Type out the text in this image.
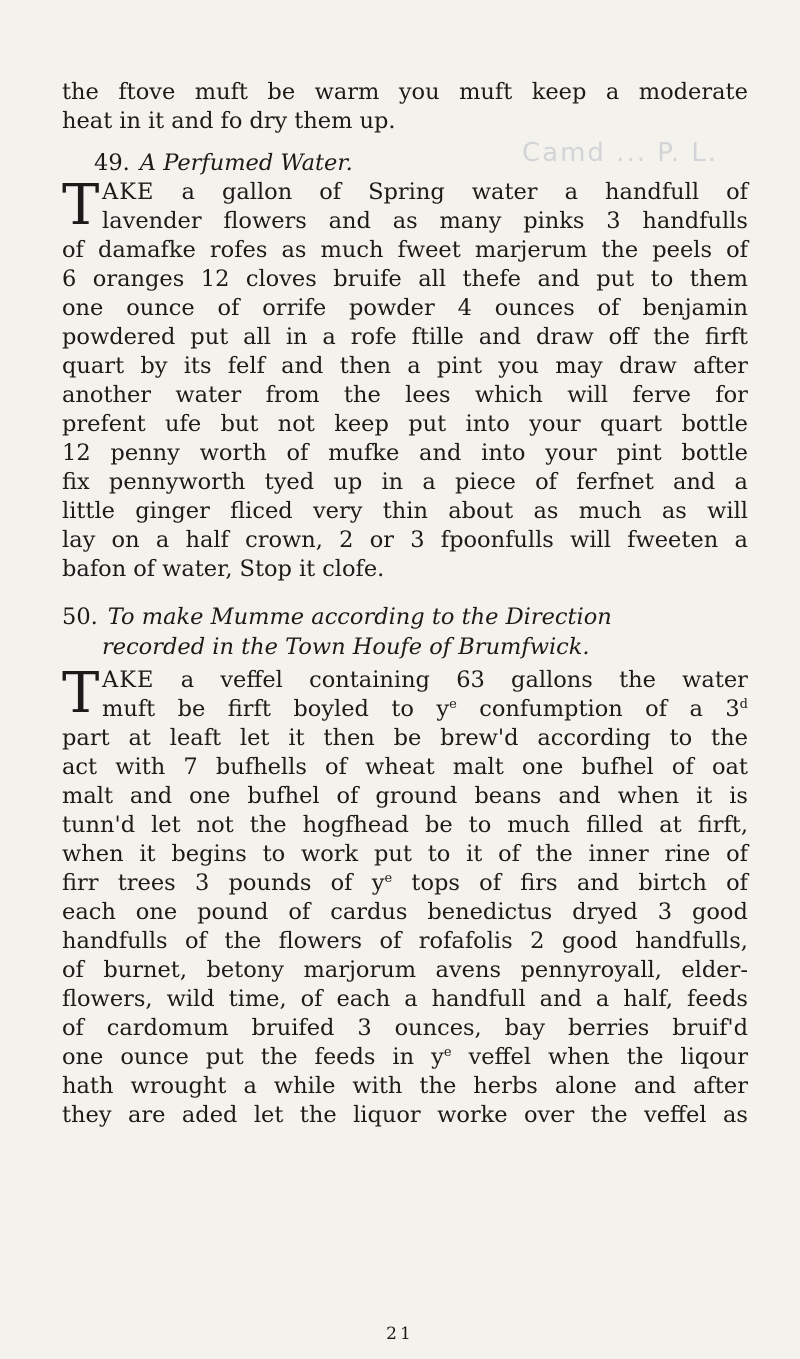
Camd ... P. L.
the ftove muft be warm you muft keep a moderate
heat in it and fo dry them up.
49. A Perfumed Water.
T AKE a gallon of Spring water a handfull of
lavender flowers and as many pinks 3 handfulls
of damafke rofes as much fweet marjerum the peels of
6 oranges 12 cloves bruife all thefe and put to them
one ounce of orrife powder 4 ounces of benjamin
powdered put all in a rofe ftille and draw off the firft
quart by its felf and then a pint you may draw after
another water from the lees which will ferve for
prefent ufe but not keep put into your quart bottle
12 penny worth of mufke and into your pint bottle
fix pennyworth tyed up in a piece of ferfnet and a
little ginger fliced very thin about as much as will
lay on a half crown, 2 or 3 fpoonfulls will fweeten a
bafon of water, Stop it clofe.
50. To make Mumme according to the Direction
recorded in the Town Houfe of Brumfwick.
T AKE a veffel containing 63 gallons the water
muft be firft boyled to $y^e$ confumption of a 3$^d$
part at leaft let it then be brew'd according to the
act with 7 bufhells of wheat malt one bufhel of oat
malt and one bufhel of ground beans and when it is
tunn'd let not the hogfhead be to much filled at firft,
when it begins to work put to it of the inner rine of
firr trees 3 pounds of $y^e$ tops of firs and birtch of
each one pound of cardus benedictus dryed 3 good
handfulls of the flowers of rofafolis 2 good handfulls,
of burnet, betony marjorum avens pennyroyall, elder-
flowers, wild time, of each a handfull and a half, feeds
of cardomum bruifed 3 ounces, bay berries bruif'd
one ounce put the feeds in $y^e$ veffel when the liqour
hath wrought a while with the herbs alone and after
they are aded let the liquor worke over the veffel as
21
